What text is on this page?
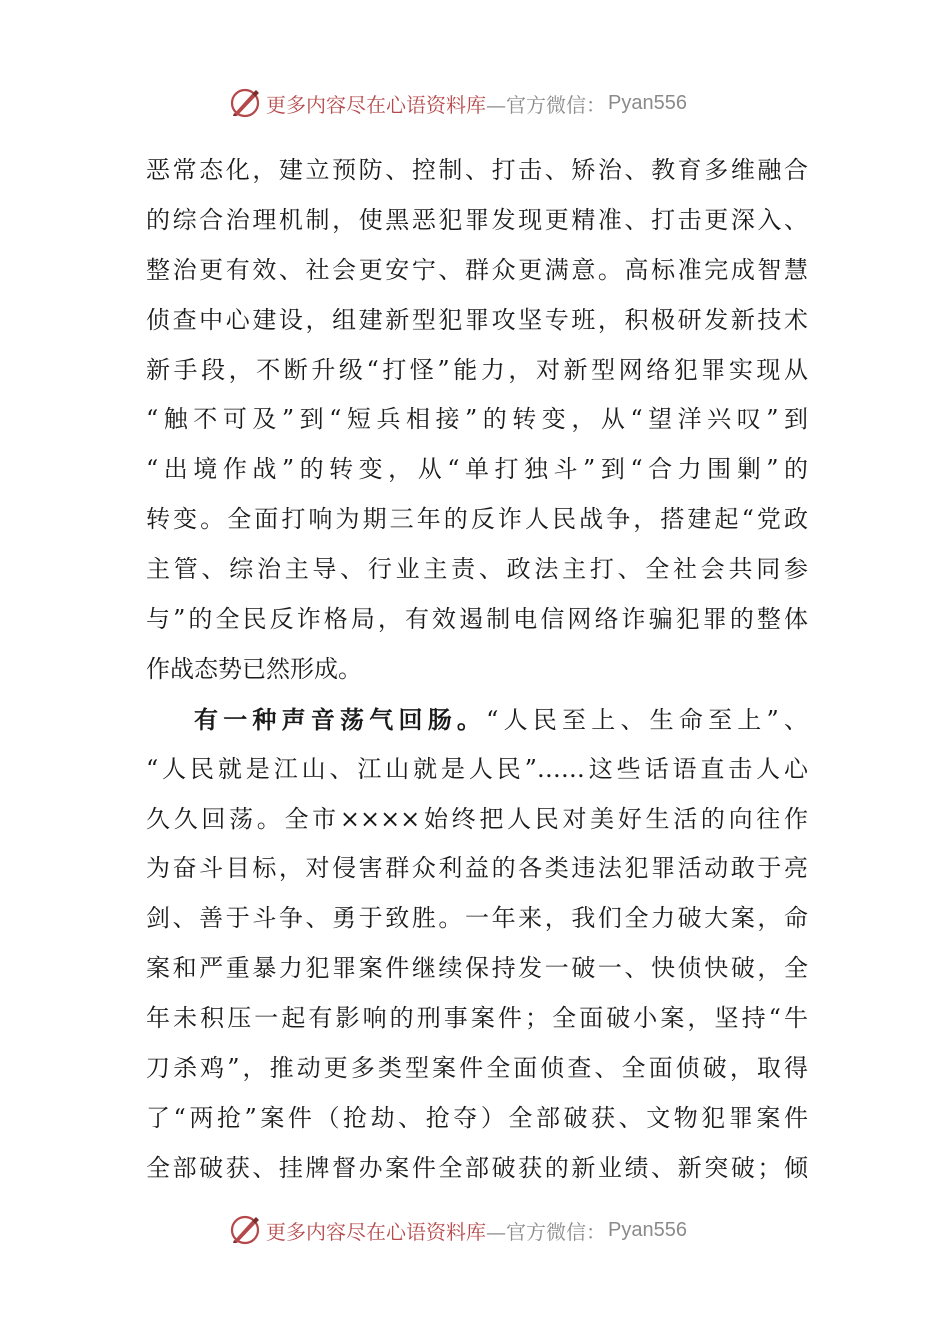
更多内容尽在心语资料库 —官方微信： Pyan556
恶常态化，建立预防、控制、打击、矫治、教育多维融合
的综合治理机制，使黑恶犯罪发现更精准、打击更深入、
整治更有效、社会更安宁、群众更满意。高标准完成智慧
侦查中心建设，组建新型犯罪攻坚专班，积极研发新技术
新手段，不断升级“打怪”能力，对新型网络犯罪实现从
“触不可及”到“短兵相接”的转变，从“望洋兴叹”到
“出境作战”的转变，从“单打独斗”到“合力围剿”的
转变。全面打响为期三年的反诈人民战争，搭建起“党政
主管、综治主导、行业主责、政法主打、全社会共同参
与”的全民反诈格局，有效遏制电信网络诈骗犯罪的整体
作战态势已然形成。
有一种声音荡气回肠。“人民至上、生命至上”、
“人民就是江山、江山就是人民”……这些话语直击人心
久久回荡。全市××××始终把人民对美好生活的向往作
为奋斗目标，对侵害群众利益的各类违法犯罪活动敢于亮
剑、善于斗争、勇于致胜。一年来，我们全力破大案，命
案和严重暴力犯罪案件继续保持发一破一、快侦快破，全
年未积压一起有影响的刑事案件；全面破小案，坚持“牛
刀杀鸡”，推动更多类型案件全面侦查、全面侦破，取得
了“两抢”案件（抢劫、抢夺）全部破获、文物犯罪案件
全部破获、挂牌督办案件全部破获的新业绩、新突破；倾
更多内容尽在心语资料库 —官方微信： Pyan556
